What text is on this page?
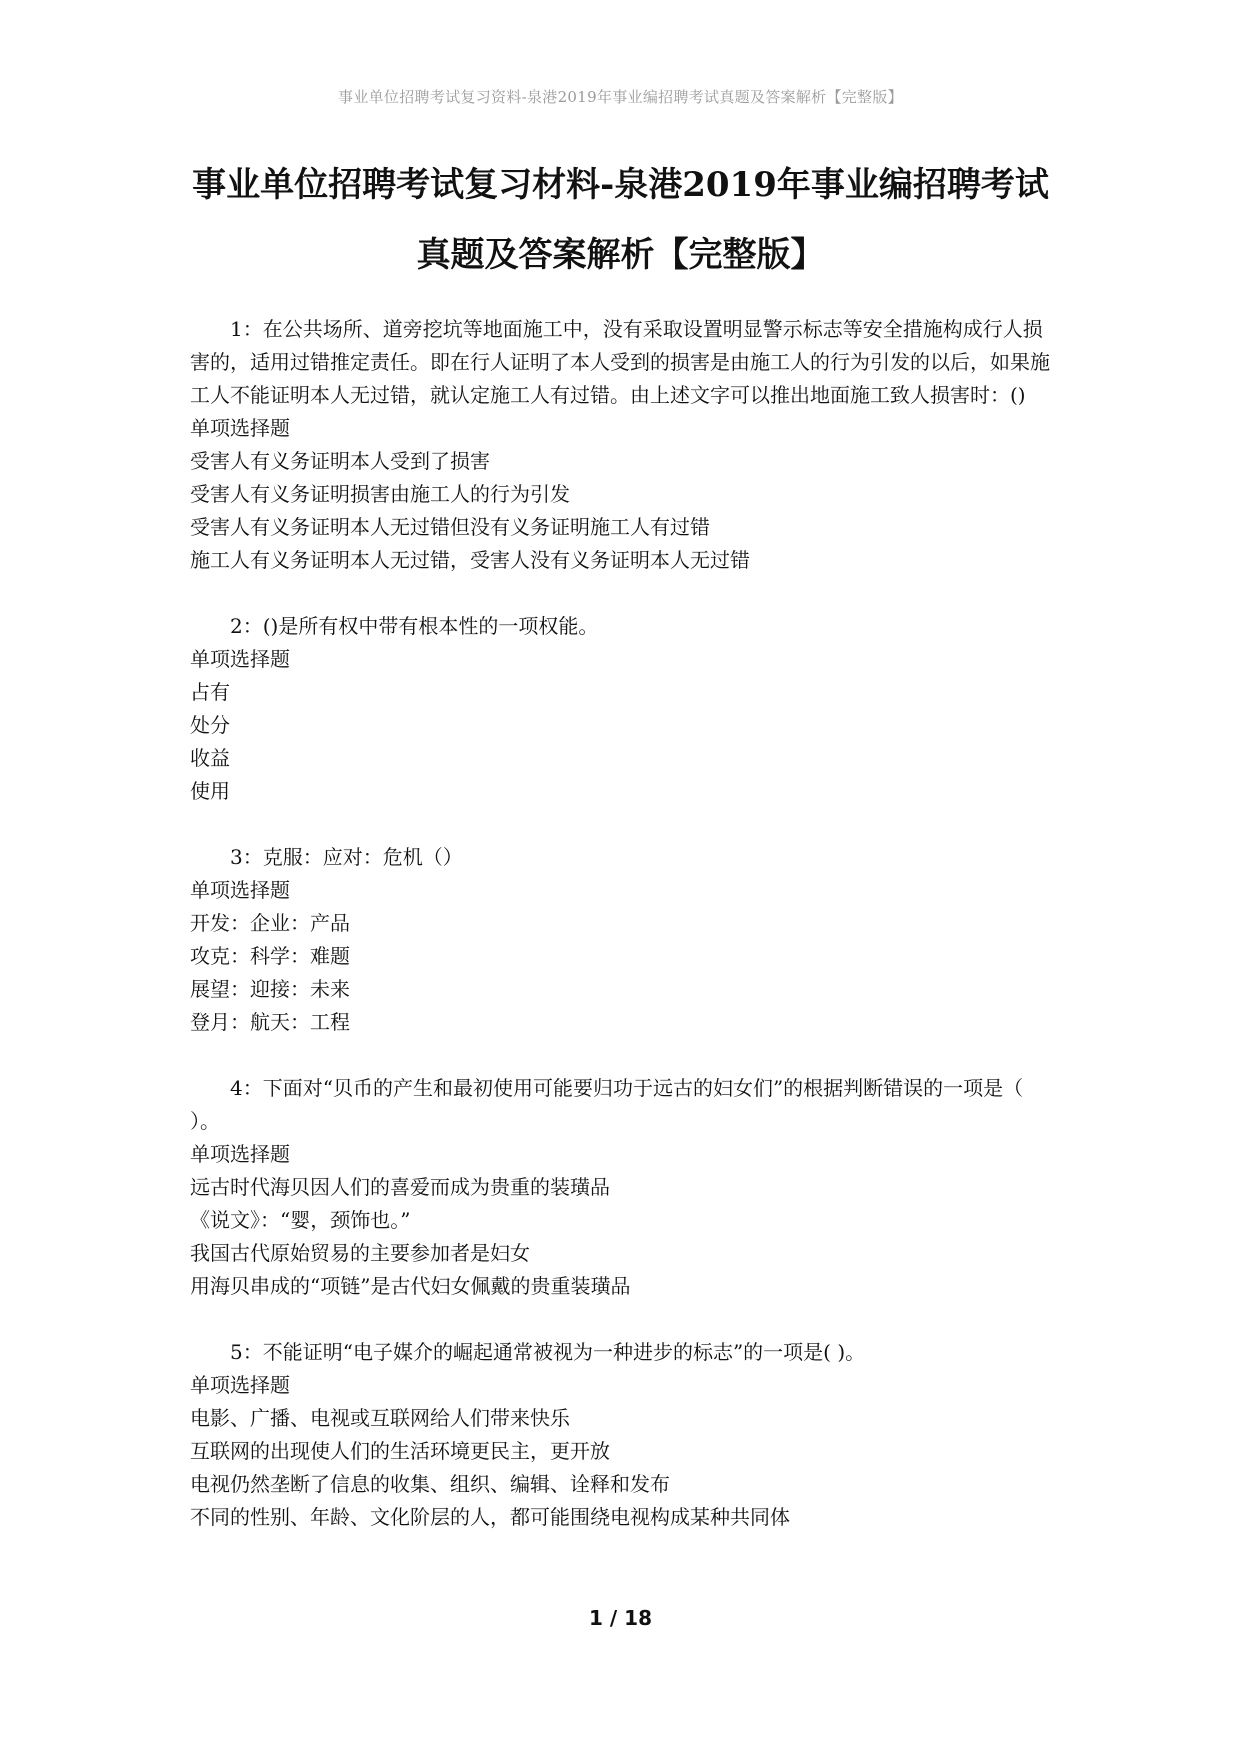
事业单位招聘考试复习资料-泉港2019年事业编招聘考试真题及答案解析【完整版】
事业单位招聘考试复习材料-泉港2019年事业编招聘考试
真题及答案解析【完整版】
1：在公共场所、道旁挖坑等地面施工中，没有采取设置明显警示标志等安全措施构成行人损害的，适用过错推定责任。即在行人证明了本人受到的损害是由施工人的行为引发的以后，如果施工人不能证明本人无过错，就认定施工人有过错。由上述文字可以推出地面施工致人损害时：()
单项选择题
受害人有义务证明本人受到了损害
受害人有义务证明损害由施工人的行为引发
受害人有义务证明本人无过错但没有义务证明施工人有过错
施工人有义务证明本人无过错，受害人没有义务证明本人无过错
2：()是所有权中带有根本性的一项权能。
单项选择题
占有
处分
收益
使用
3：克服：应对：危机（）
单项选择题
开发：企业：产品
攻克：科学：难题
展望：迎接：未来
登月：航天：工程
4：下面对“贝币的产生和最初使用可能要归功于远古的妇女们”的根据判断错误的一项是（ ）。
单项选择题
远古时代海贝因人们的喜爱而成为贵重的装璜品
《说文》：“婴，颈饰也。”
我国古代原始贸易的主要参加者是妇女
用海贝串成的“项链”是古代妇女佩戴的贵重装璜品
5：不能证明“电子媒介的崛起通常被视为一种进步的标志”的一项是( )。
单项选择题
电影、广播、电视或互联网给人们带来快乐
互联网的出现使人们的生活环境更民主，更开放
电视仍然垄断了信息的收集、组织、编辑、诠释和发布
不同的性别、年龄、文化阶层的人，都可能围绕电视构成某种共同体
1 / 18
